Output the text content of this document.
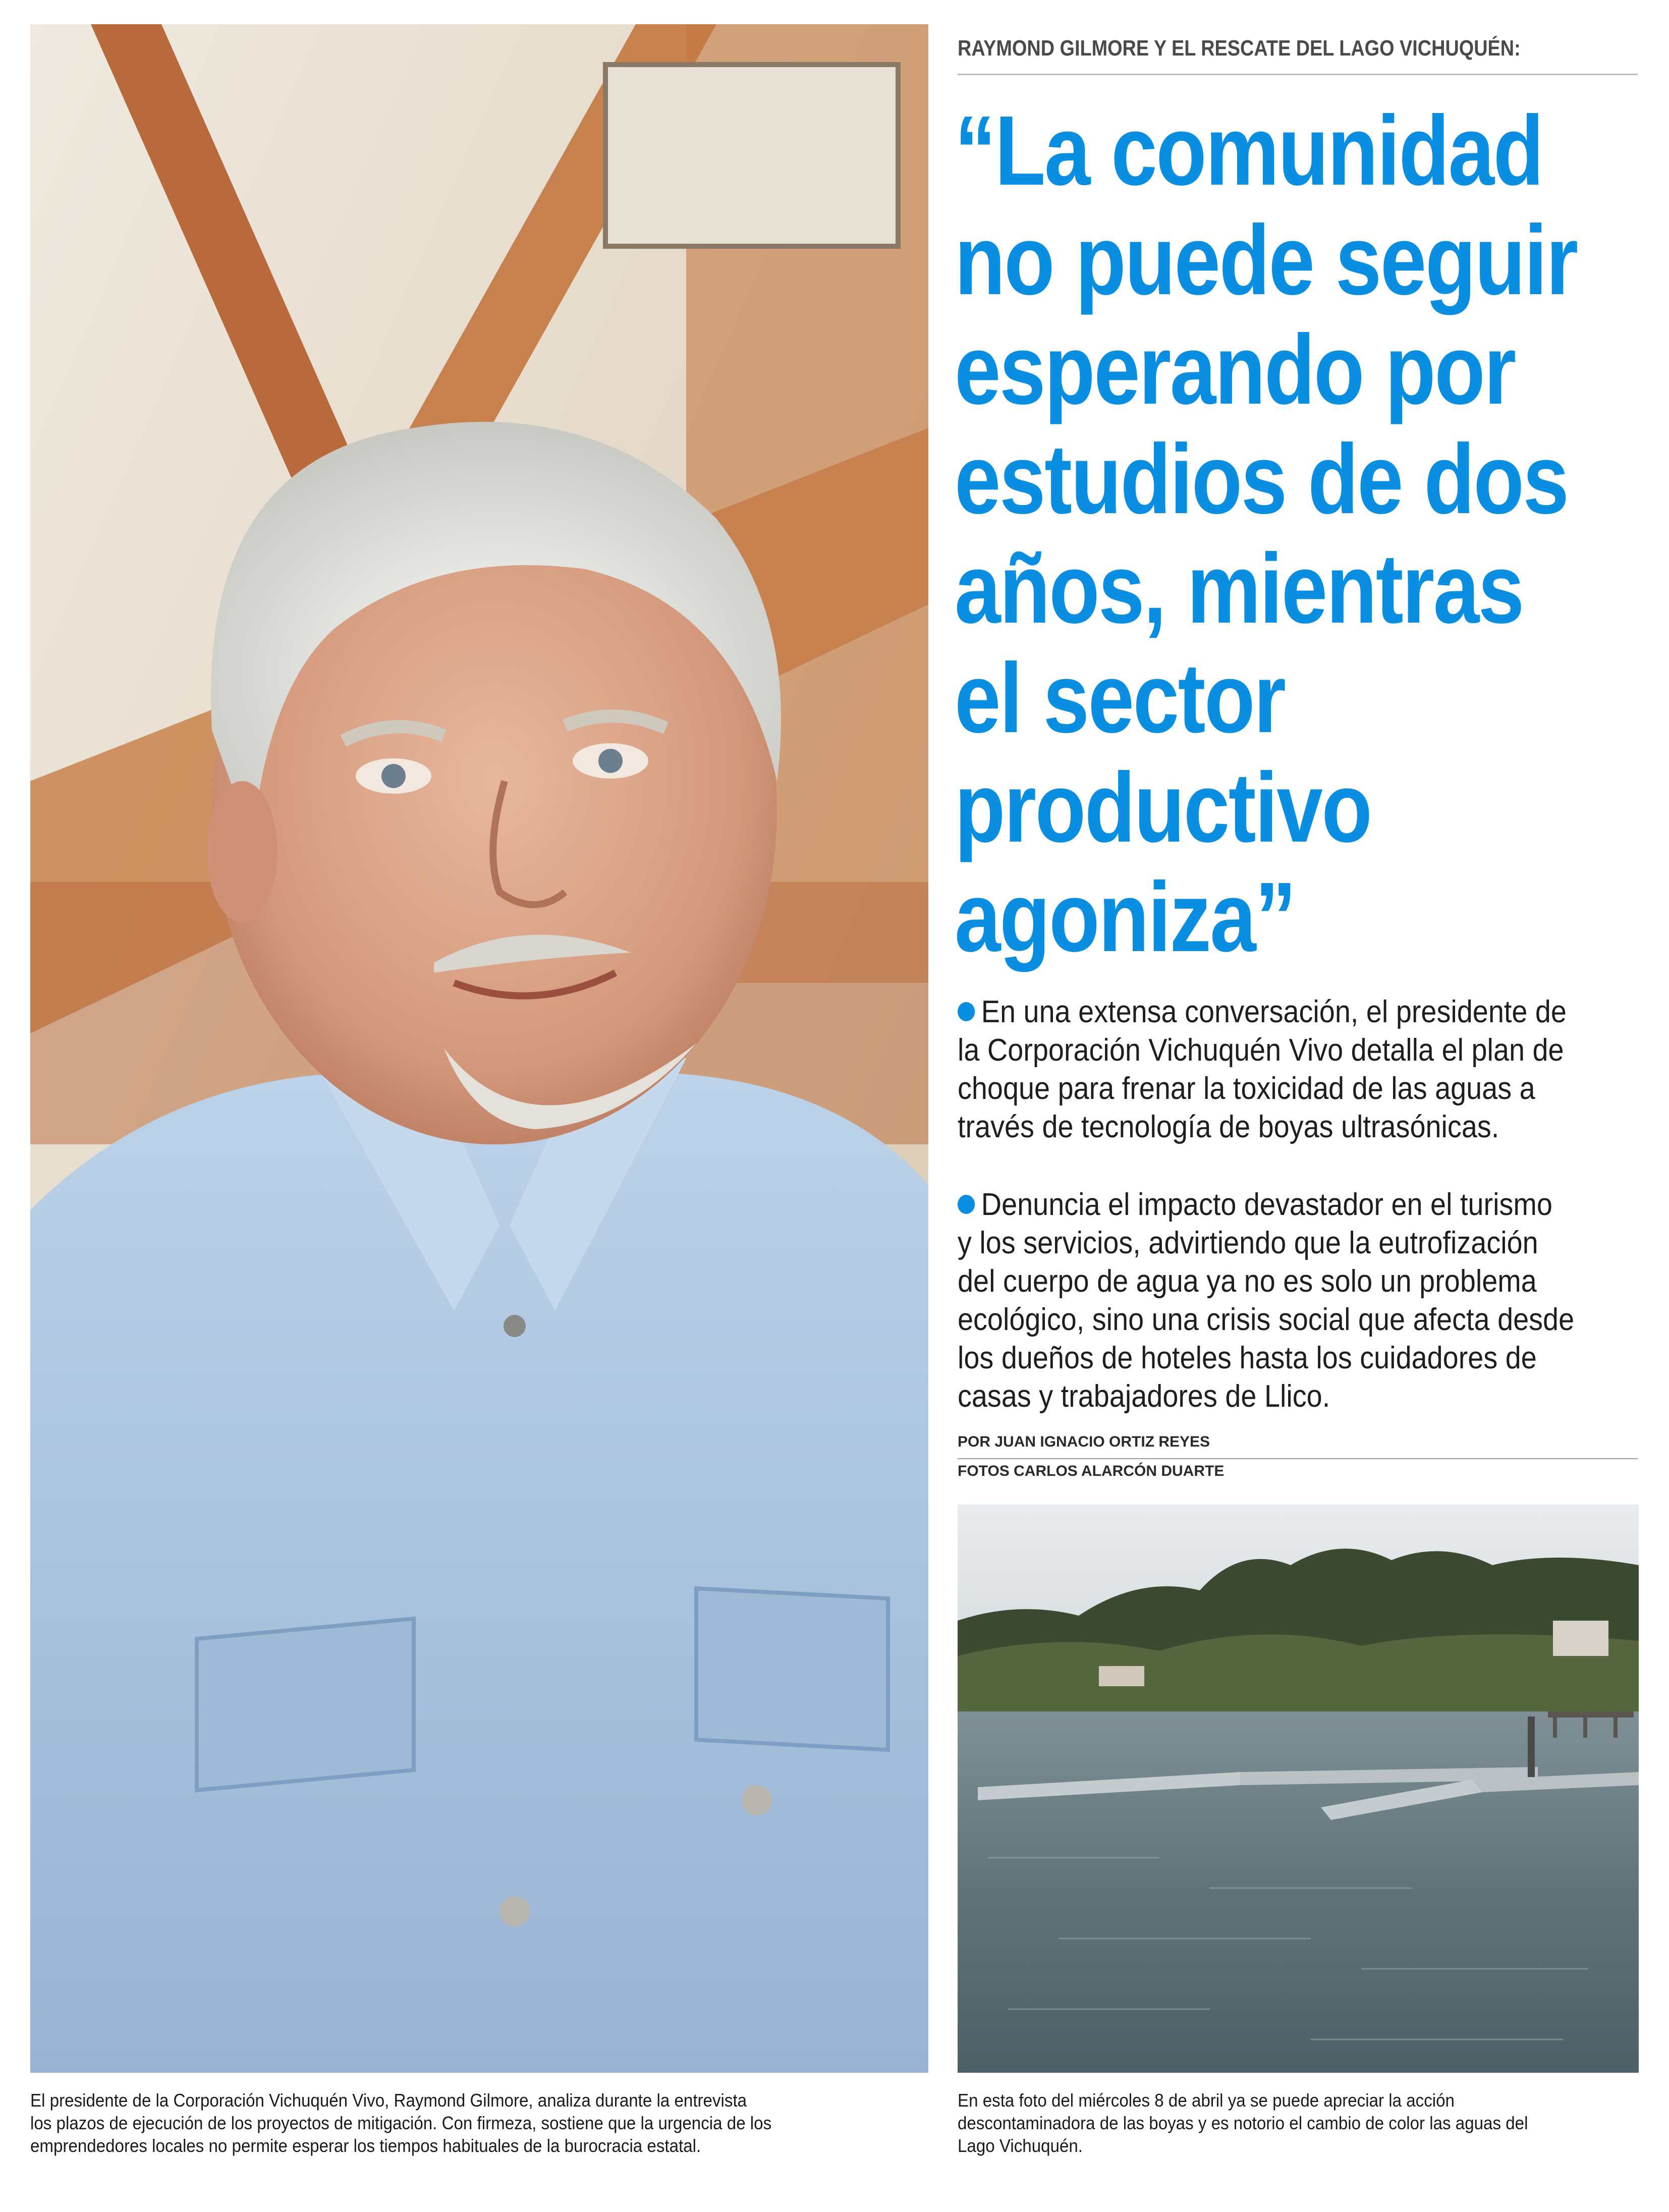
RAYMOND GILMORE Y EL RESCATE DEL LAGO VICHUQUÉN:
“La comunidad
no puede seguir
esperando por
estudios de dos
años, mientras
el sector
productivo
agoniza”
En una extensa conversación, el presidente de
la Corporación Vichuquén Vivo detalla el plan de
choque para frenar la toxicidad de las aguas a
través de tecnología de boyas ultrasónicas.
Denuncia el impacto devastador en el turismo
y los servicios, advirtiendo que la eutrofización
del cuerpo de agua ya no es solo un problema
ecológico, sino una crisis social que afecta desde
los dueños de hoteles hasta los cuidadores de
casas y trabajadores de Llico.
POR JUAN IGNACIO ORTIZ REYES
FOTOS CARLOS ALARCÓN DUARTE
El presidente de la Corporación Vichuquén Vivo, Raymond Gilmore, analiza durante la entrevista
los plazos de ejecución de los proyectos de mitigación. Con firmeza, sostiene que la urgencia de los
emprendedores locales no permite esperar los tiempos habituales de la burocracia estatal.
En esta foto del miércoles 8 de abril ya se puede apreciar la acción
descontaminadora de las boyas y es notorio el cambio de color las aguas del
Lago Vichuquén.
